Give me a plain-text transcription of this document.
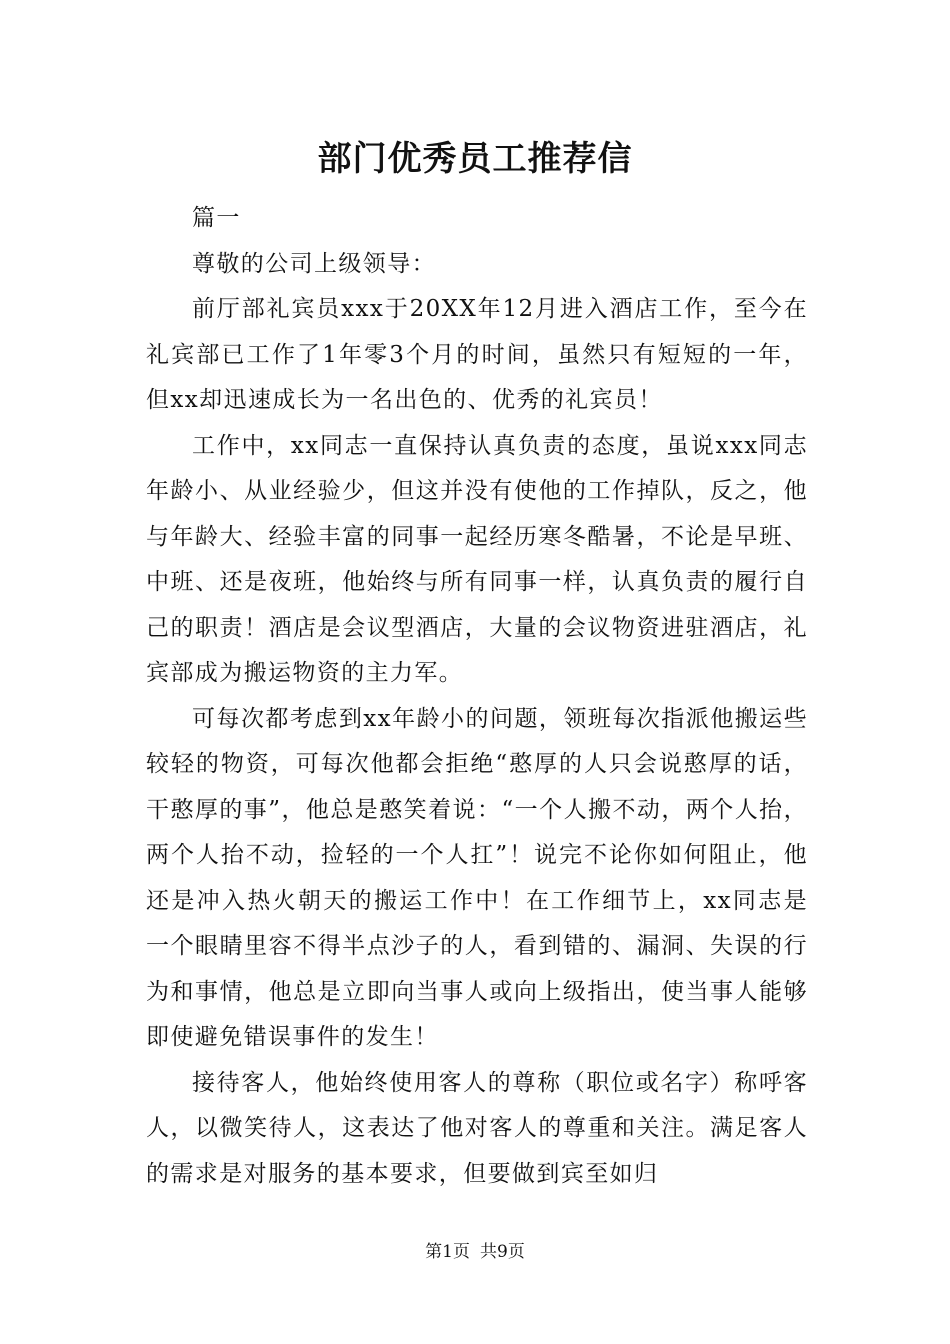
部门优秀员工推荐信

篇一

尊敬的公司上级领导：

前厅部礼宾员xxx于20XX年12月进入酒店工作，至今在礼宾部已工作了1年零3个月的时间，虽然只有短短的一年，但xx却迅速成长为一名出色的、优秀的礼宾员！

工作中，xx同志一直保持认真负责的态度，虽说xxx同志年龄小、从业经验少，但这并没有使他的工作掉队，反之，他与年龄大、经验丰富的同事一起经历寒冬酷暑，不论是早班、中班、还是夜班，他始终与所有同事一样，认真负责的履行自己的职责！酒店是会议型酒店，大量的会议物资进驻酒店，礼宾部成为搬运物资的主力军。

可每次都考虑到xx年龄小的问题，领班每次指派他搬运些较轻的物资，可每次他都会拒绝“憨厚的人只会说憨厚的话，干憨厚的事”，他总是憨笑着说：“一个人搬不动，两个人抬，两个人抬不动，捡轻的一个人扛”！说完不论你如何阻止，他还是冲入热火朝天的搬运工作中！在工作细节上，xx同志是一个眼睛里容不得半点沙子的人，看到错的、漏洞、失误的行为和事情，他总是立即向当事人或向上级指出，使当事人能够即使避免错误事件的发生！

接待客人，他始终使用客人的尊称（职位或名字）称呼客人，以微笑待人，这表达了他对客人的尊重和关注。满足客人的需求是对服务的基本要求，但要做到宾至如归

第1页 共9页
